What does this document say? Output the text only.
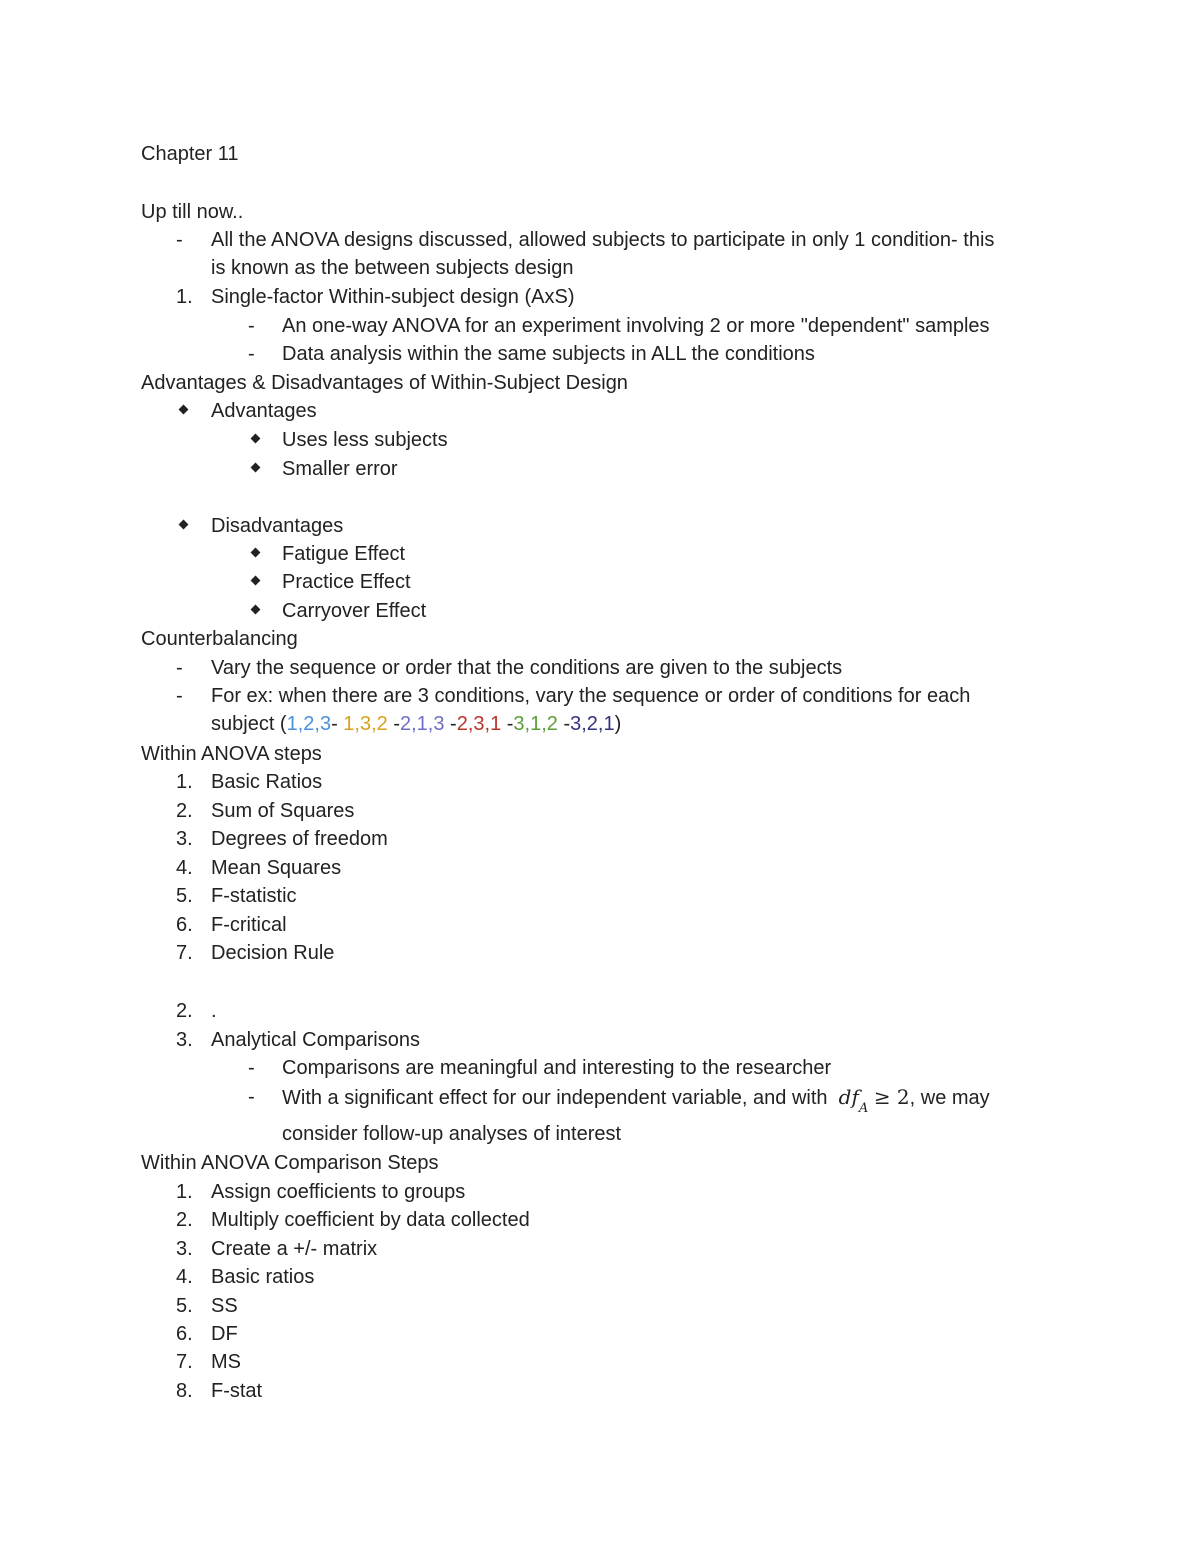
Chapter 11
Up till now..
- All the ANOVA designs discussed, allowed subjects to participate in only 1 condition- this
is known as the between subjects design
1. Single-factor Within-subject design (AxS)
- An one-way ANOVA for an experiment involving 2 or more "dependent" samples
- Data analysis within the same subjects in ALL the conditions
Advantages & Disadvantages of Within-Subject Design
Advantages
Uses less subjects
Smaller error
Disadvantages
Fatigue Effect
Practice Effect
Carryover Effect
Counterbalancing
- Vary the sequence or order that the conditions are given to the subjects
- For ex: when there are 3 conditions, vary the sequence or order of conditions for each
subject (1,2,3- 1,3,2 -2,1,3 -2,3,1 -3,1,2 -3,2,1)
Within ANOVA steps
1. Basic Ratios
2. Sum of Squares
3. Degrees of freedom
4. Mean Squares
5. F-statistic
6. F-critical
7. Decision Rule
2. .
3. Analytical Comparisons
- Comparisons are meaningful and interesting to the researcher
- With a significant effect for our independent variable, and with $df_A \ge 2$, we may
consider follow-up analyses of interest
Within ANOVA Comparison Steps
1. Assign coefficients to groups
2. Multiply coefficient by data collected
3. Create a +/- matrix
4. Basic ratios
5. SS
6. DF
7. MS
8. F-stat
